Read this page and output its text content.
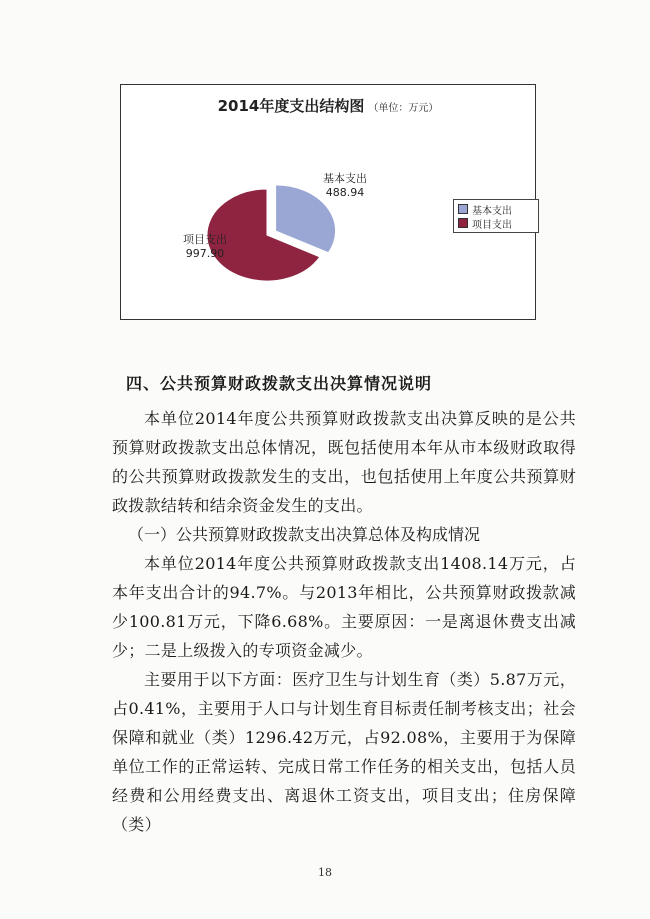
2014年度支出结构图 （单位：万元）
基本支出
488.94
项目支出
997.90
基本支出
项目支出

四、公共预算财政拨款支出决算情况说明

本单位2014年度公共预算财政拨款支出决算反映的是公共预算财政拨款支出总体情况，既包括使用本年从市本级财政取得的公共预算财政拨款发生的支出，也包括使用上年度公共预算财政拨款结转和结余资金发生的支出。

（一）公共预算财政拨款支出决算总体及构成情况

本单位2014年度公共预算财政拨款支出1408.14万元，占本年支出合计的94.7%。与2013年相比，公共预算财政拨款减少100.81万元，下降6.68%。主要原因：一是离退休费支出减少；二是上级拨入的专项资金减少。

主要用于以下方面：医疗卫生与计划生育（类）5.87万元，占0.41%，主要用于人口与计划生育目标责任制考核支出；社会保障和就业（类）1296.42万元，占92.08%，主要用于为保障单位工作的正常运转、完成日常工作任务的相关支出，包括人员经费和公用经费支出、离退休工资支出，项目支出；住房保障（类）

18
